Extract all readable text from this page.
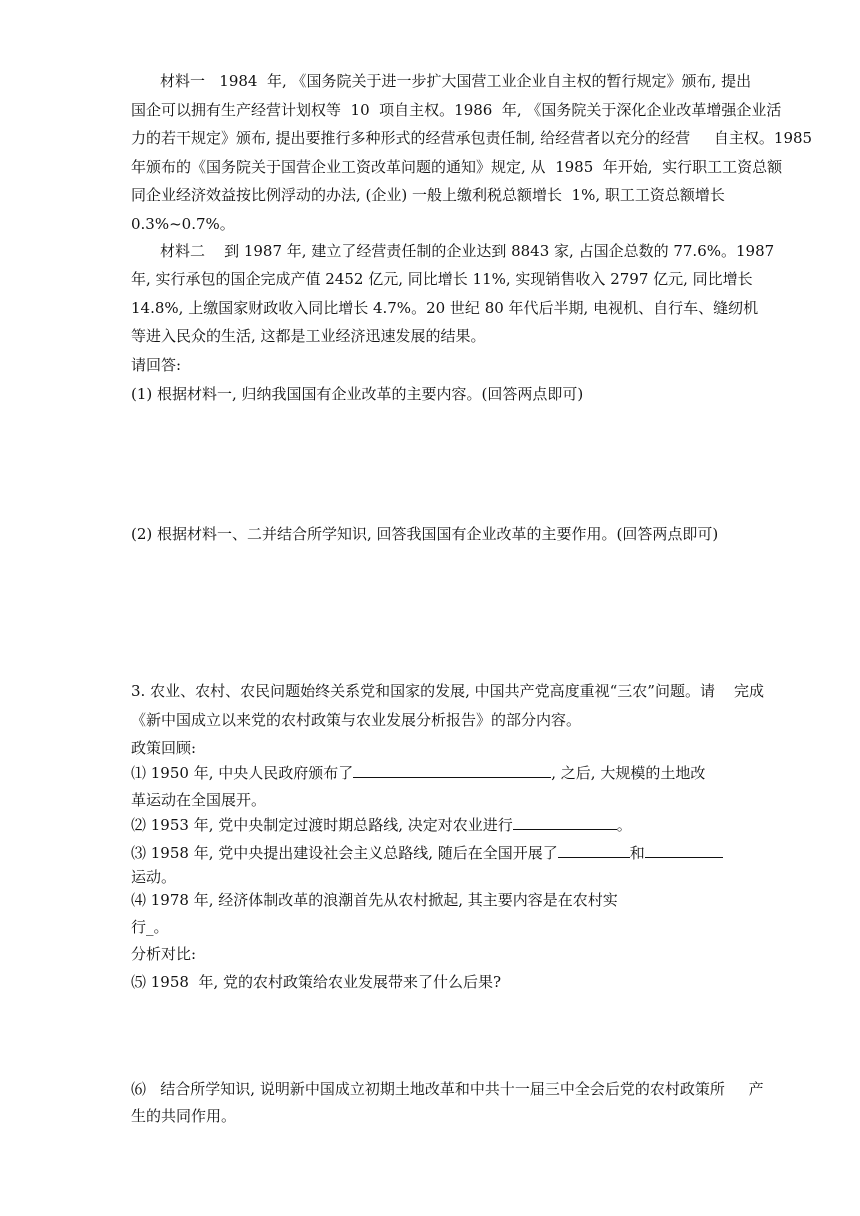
材料一   1984  年, 《国务院关于进一步扩大国营工业企业自主权的暂行规定》颁布, 提出
国企可以拥有生产经营计划权等  10  项自主权。1986  年, 《国务院关于深化企业改革增强企业活
力的若干规定》颁布, 提出要推行多种形式的经营承包责任制, 给经营者以充分的经营     自主权。1985
年颁布的《国务院关于国营企业工资改革问题的通知》规定, 从  1985  年开始,  实行职工工资总额
同企业经济效益按比例浮动的办法, (企业) 一般上缴利税总额增长  1%, 职工工资总额增长
0.3%~0.7%。
材料二    到 1987 年, 建立了经营责任制的企业达到 8843 家, 占国企总数的 77.6%。1987
年, 实行承包的国企完成产值 2452 亿元, 同比增长 11%, 实现销售收入 2797 亿元, 同比增长
14.8%, 上缴国家财政收入同比增长 4.7%。20 世纪 80 年代后半期, 电视机、自行车、缝纫机
等进入民众的生活, 这都是工业经济迅速发展的结果。
请回答:
(1) 根据材料一, 归纳我国国有企业改革的主要内容。(回答两点即可)
(2) 根据材料一、二并结合所学知识, 回答我国国有企业改革的主要作用。(回答两点即可)
3. 农业、农村、农民问题始终关系党和国家的发展, 中国共产党高度重视“三农”问题。请    完成
《新中国成立以来党的农村政策与农业发展分析报告》的部分内容。
政策回顾:
⑴ 1950 年, 中央人民政府颁布了	, 之后, 大规模的土地改
革运动在全国展开。
⑵ 1953 年, 党中央制定过渡时期总路线, 决定对农业进行	。
⑶ 1958 年, 党中央提出建设社会主义总路线, 随后在全国开展了	和
运动。
⑷ 1978 年, 经济体制改革的浪潮首先从农村掀起, 其主要内容是在农村实
行_。
分析对比:
⑸ 1958  年, 党的农村政策给农业发展带来了什么后果?
⑹   结合所学知识, 说明新中国成立初期土地改革和中共十一届三中全会后党的农村政策所     产
生的共同作用。
